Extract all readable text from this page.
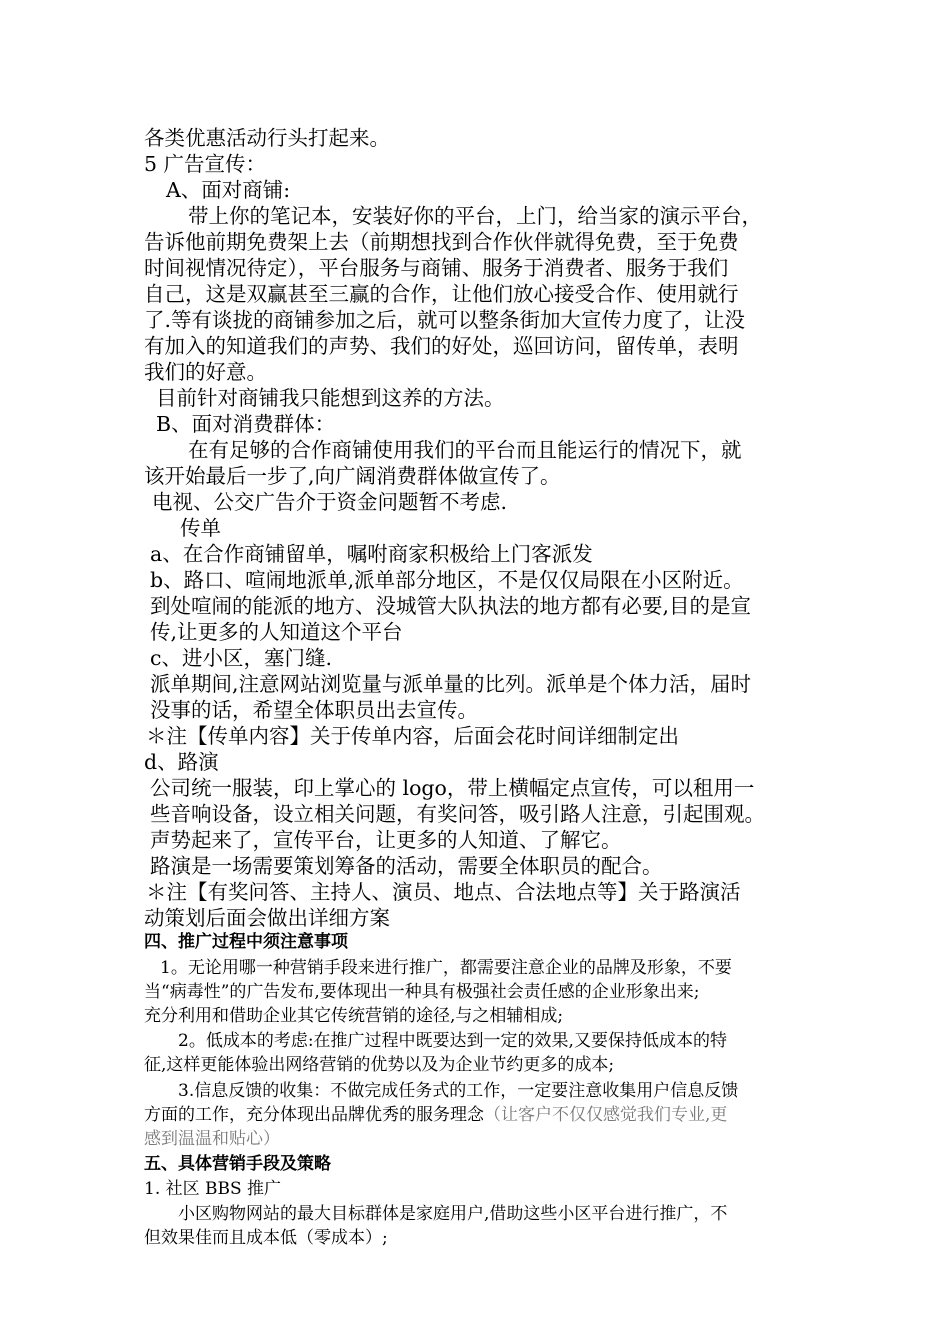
各类优惠活动行头打起来。
5 广告宣传：
A、面对商铺:
带上你的笔记本，安装好你的平台，上门，给当家的演示平台，
告诉他前期免费架上去（前期想找到合作伙伴就得免费，至于免费
时间视情况待定），平台服务与商铺、服务于消费者、服务于我们
自己，这是双赢甚至三赢的合作，让他们放心接受合作、使用就行
了.等有谈拢的商铺参加之后，就可以整条街加大宣传力度了，让没
有加入的知道我们的声势、我们的好处，巡回访问，留传单，表明
我们的好意。
目前针对商铺我只能想到这养的方法。
B、面对消费群体：
在有足够的合作商铺使用我们的平台而且能运行的情况下，就
该开始最后一步了,向广阔消费群体做宣传了。
电视、公交广告介于资金问题暂不考虑.
传单
a、在合作商铺留单，嘱咐商家积极给上门客派发
b、路口、喧闹地派单,派单部分地区，不是仅仅局限在小区附近。
到处喧闹的能派的地方、没城管大队执法的地方都有必要,目的是宣
传,让更多的人知道这个平台
c、进小区，塞门缝.
派单期间,注意网站浏览量与派单量的比列。派单是个体力活，届时
没事的话，希望全体职员出去宣传。
＊注【传单内容】关于传单内容，后面会花时间详细制定出
d、路演
公司统一服装，印上掌心的 logo，带上横幅定点宣传，可以租用一
些音响设备，设立相关问题，有奖问答，吸引路人注意，引起围观。
声势起来了，宣传平台，让更多的人知道、了解它。
路演是一场需要策划筹备的活动，需要全体职员的配合。
＊注【有奖问答、主持人、演员、地点、合法地点等】关于路演活
动策划后面会做出详细方案
四、推广过程中须注意事项
1。无论用哪一种营销手段来进行推广，都需要注意企业的品牌及形象，不要
当“病毒性”的广告发布,要体现出一种具有极强社会责任感的企业形象出来;
充分利用和借助企业其它传统营销的途径,与之相辅相成;
2。低成本的考虑:在推广过程中既要达到一定的效果,又要保持低成本的特
征,这样更能体验出网络营销的优势以及为企业节约更多的成本;
3.信息反馈的收集：不做完成任务式的工作，一定要注意收集用户信息反馈
方面的工作，充分体现出品牌优秀的服务理念（让客户不仅仅感觉我们专业,更
感到温温和贴心）
五、具体营销手段及策略
1. 社区 BBS 推广
小区购物网站的最大目标群体是家庭用户,借助这些小区平台进行推广，不
但效果佳而且成本低（零成本）;
